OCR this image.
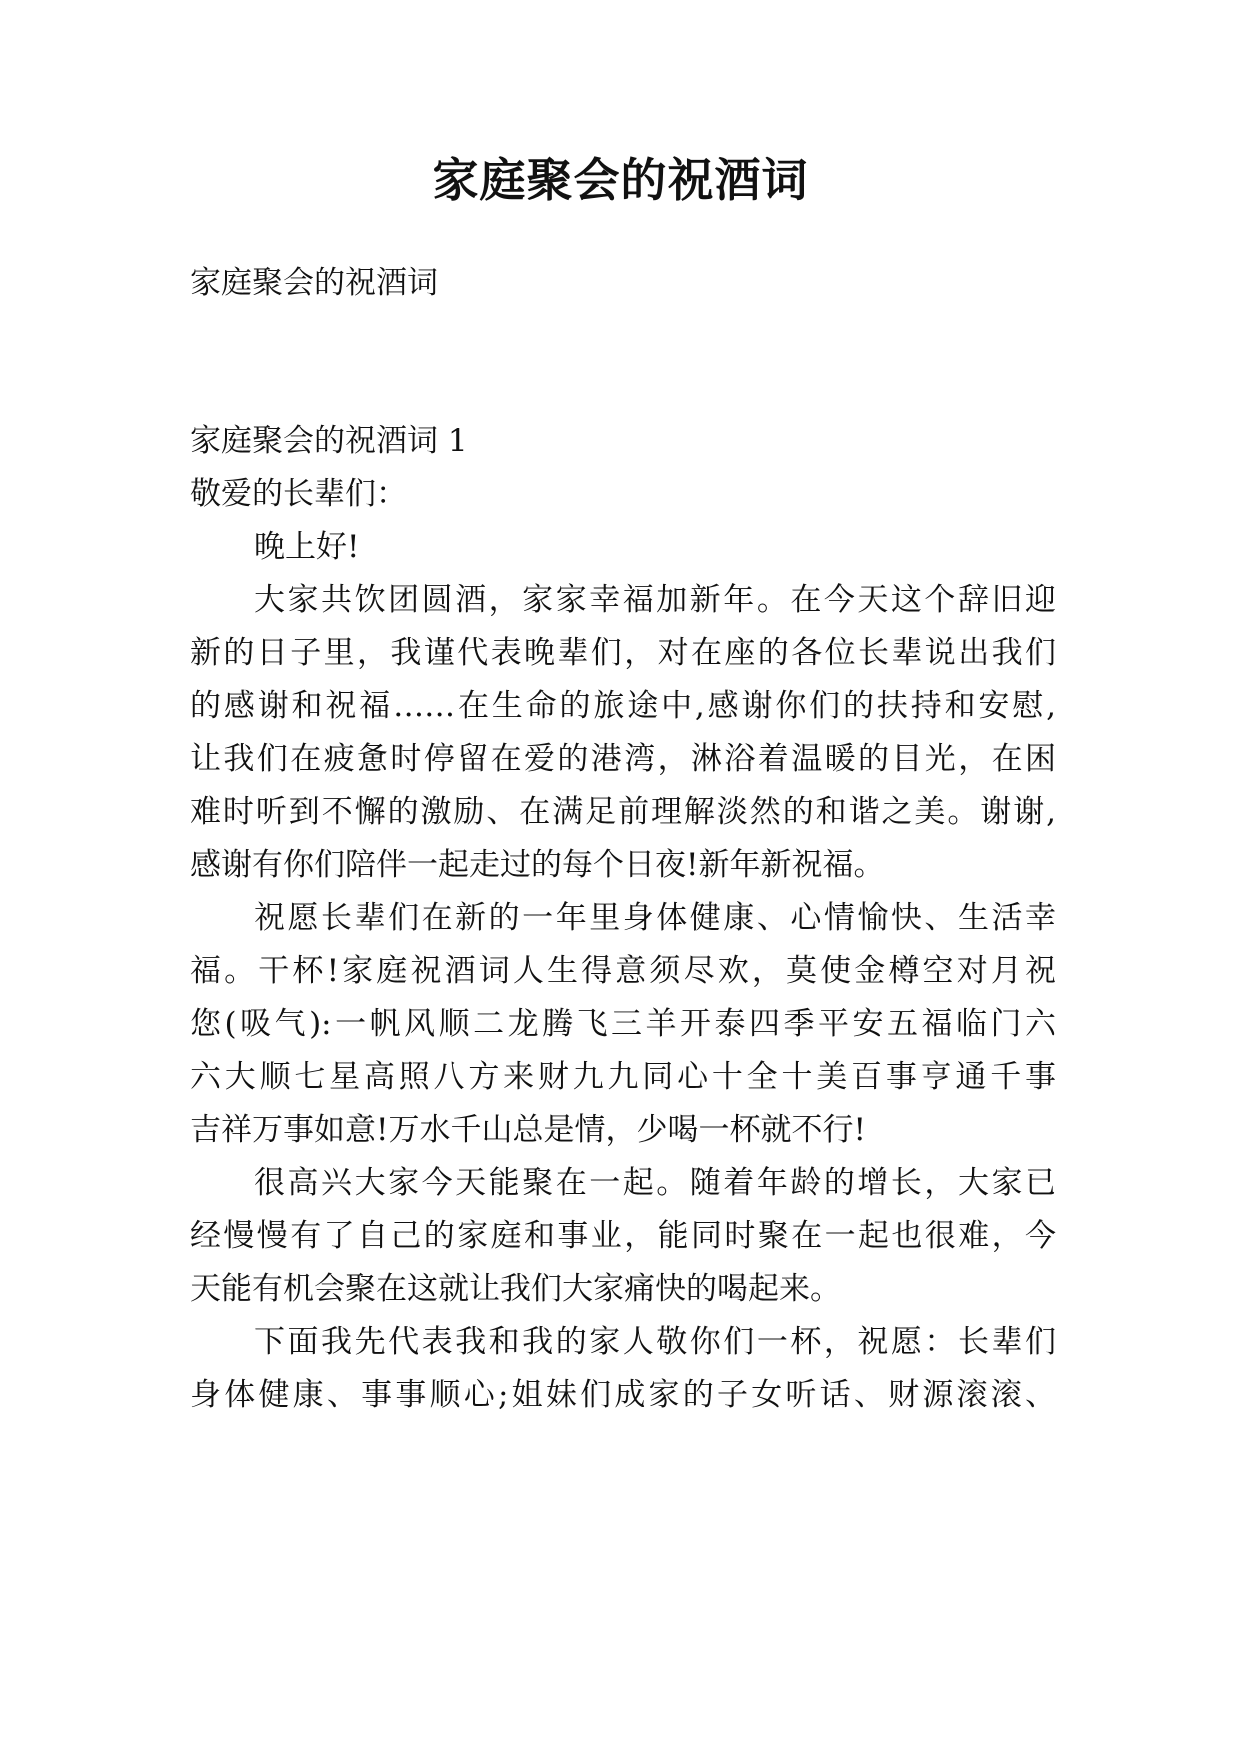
家庭聚会的祝酒词
家庭聚会的祝酒词
家庭聚会的祝酒词 1
敬爱的长辈们：
晚上好!
大家共饮团圆酒，家家幸福加新年。在今天这个辞旧迎
新的日子里，我谨代表晚辈们，对在座的各位长辈说出我们
的感谢和祝福……在生命的旅途中,感谢你们的扶持和安慰,
让我们在疲惫时停留在爱的港湾，淋浴着温暖的目光，在困
难时听到不懈的激励、在满足前理解淡然的和谐之美。谢谢,
感谢有你们陪伴一起走过的每个日夜!新年新祝福。
祝愿长辈们在新的一年里身体健康、心情愉快、生活幸
福。干杯!家庭祝酒词人生得意须尽欢，莫使金樽空对月祝
您(吸气):一帆风顺二龙腾飞三羊开泰四季平安五福临门六
六大顺七星高照八方来财九九同心十全十美百事亨通千事
吉祥万事如意!万水千山总是情，少喝一杯就不行!
很高兴大家今天能聚在一起。随着年龄的增长，大家已
经慢慢有了自己的家庭和事业，能同时聚在一起也很难，今
天能有机会聚在这就让我们大家痛快的喝起来。
下面我先代表我和我的家人敬你们一杯，祝愿：长辈们
身体健康、事事顺心;姐妹们成家的子女听话、财源滚滚、
